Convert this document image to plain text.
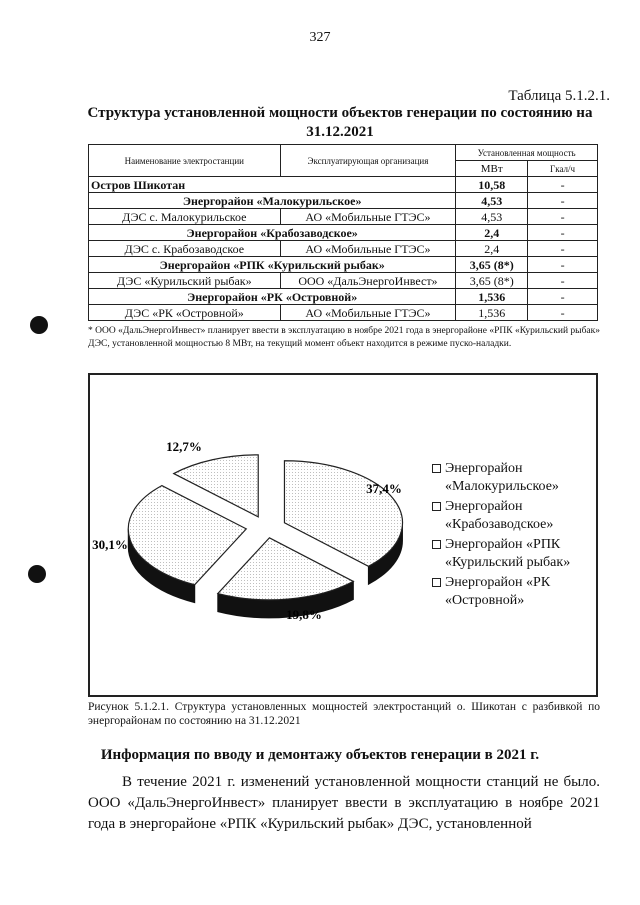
327
Таблица 5.1.2.1.
Структура установленной мощности объектов генерации по состоянию на 31.12.2021
Наименование электростанции	Эксплуатирующая организация	Установленная мощность	
		МВт	Гкал/ч
Остров Шикотан		10,58	-
Энергорайон «Малокурильское»		4,53	-
ДЭС с. Малокурильское	АО «Мобильные ГТЭС»	4,53	-
Энергорайон «Крабозаводское»		2,4	-
ДЭС с. Крабозаводское	АО «Мобильные ГТЭС»	2,4	-
Энергорайон «РПК «Курильский рыбак»		3,65 (8*)	-
ДЭС «Курильский рыбак»	ООО «ДальЭнергоИнвест»	3,65 (8*)	-
Энергорайон «РК «Островной»		1,536	-
ДЭС «РК «Островной»	АО «Мобильные ГТЭС»	1,536	-
* ООО «ДальЭнергоИнвест» планирует ввести в эксплуатацию в ноябре 2021 года в энергорайоне «РПК «Курильский рыбак» ДЭС, установленной мощностью 8 МВт, на текущий момент объект находится в режиме пуско-наладки.
37,4%
19,8%
30,1%
12,7%
Энергорайон «Малокурильское»
Энергорайон «Крабозаводское»
Энергорайон «РПК «Курильский рыбак»
Энергорайон «РК «Островной»
Рисунок 5.1.2.1. Структура установленных мощностей электростанций о. Шикотан с разбивкой по энергорайонам по состоянию на 31.12.2021
Информация по вводу и демонтажу объектов генерации в 2021 г.
В течение 2021 г. изменений установленной мощности станций не было. ООО «ДальЭнергоИнвест» планирует ввести в эксплуатацию в ноябре 2021 года в энергорайоне «РПК «Курильский рыбак» ДЭС, установленной
